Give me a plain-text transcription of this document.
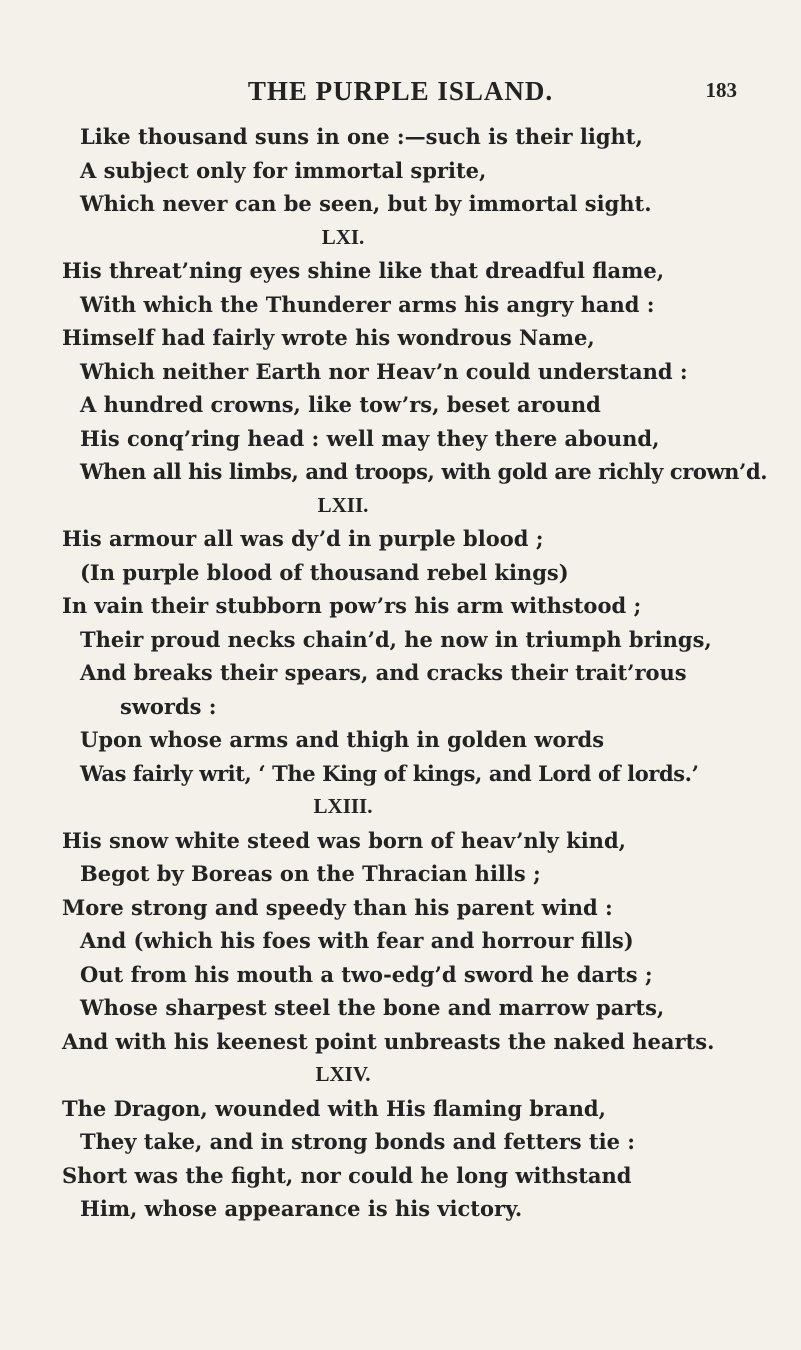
THE PURPLE ISLAND.	183
Like thousand suns in one :—such is their light,
A subject only for immortal sprite,
Which never can be seen, but by immortal sight.
LXI.
His threat’ning eyes shine like that dreadful flame,
With which the Thunderer arms his angry hand :
Himself had fairly wrote his wondrous Name,
Which neither Earth nor Heav’n could understand :
A hundred crowns, like tow’rs, beset around
His conq’ring head : well may they there abound,
When all his limbs, and troops, with gold are richly crown’d.
LXII.
His armour all was dy’d in purple blood ;
(In purple blood of thousand rebel kings)
In vain their stubborn pow’rs his arm withstood ;
Their proud necks chain’d, he now in triumph brings,
And breaks their spears, and cracks their trait’rous
swords :
Upon whose arms and thigh in golden words
Was fairly writ, ‘ The King of kings, and Lord of lords.’
LXIII.
His snow white steed was born of heav’nly kind,
Begot by Boreas on the Thracian hills ;
More strong and speedy than his parent wind :
And (which his foes with fear and horrour fills)
Out from his mouth a two-edg’d sword he darts ;
Whose sharpest steel the bone and marrow parts,
And with his keenest point unbreasts the naked hearts.
LXIV.
The Dragon, wounded with His flaming brand,
They take, and in strong bonds and fetters tie :
Short was the fight, nor could he long withstand
Him, whose appearance is his victory.
